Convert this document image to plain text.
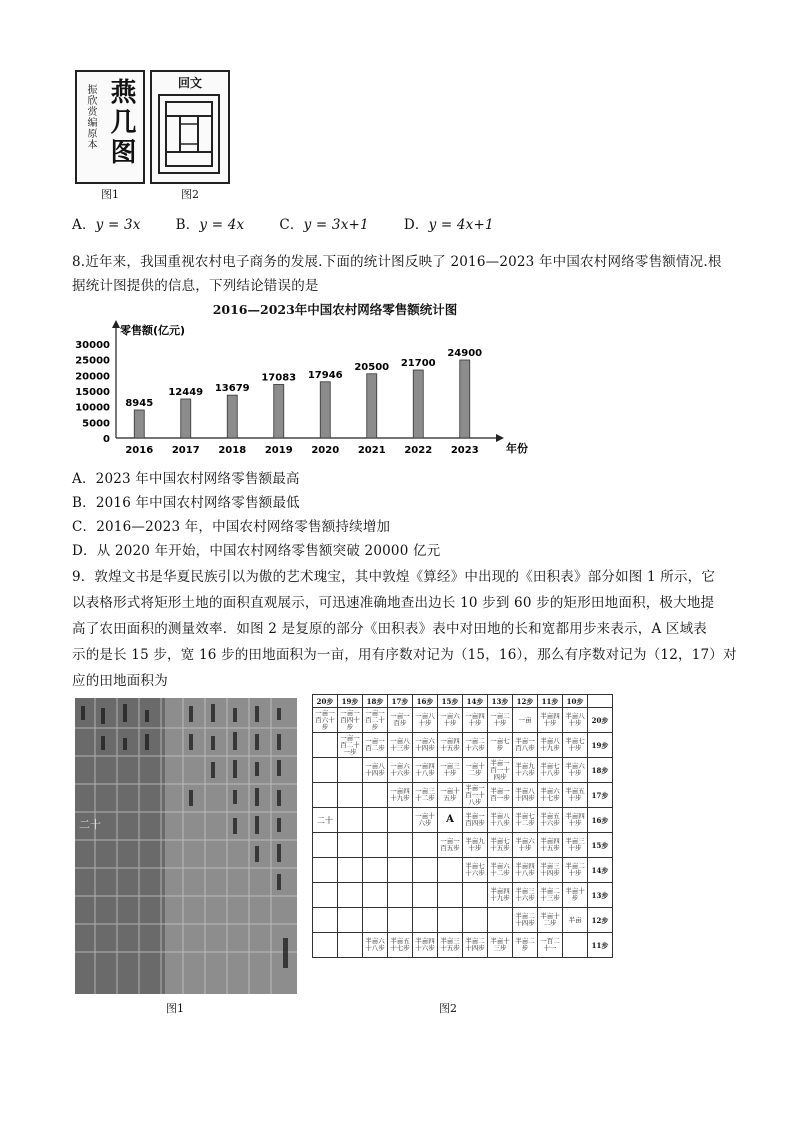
振欣赏编原本 燕几图
图1
回文
图2
A．y = 3x	B．y = 4x	C．y = 3x+1	D．y = 4x+1
8.近年来，我国重视农村电子商务的发展.下面的统计图反映了 2016—2023 年中国农村网络零售额情况.根
据统计图提供的信息，下列结论错误的是
2016—2023年中国农村网络零售额统计图
零售额(亿元)
年份
0
5000
10000
15000
20000
25000
30000
8945
2016
12449
2017
13679
2018
17083
2019
17946
2020
20500
2021
21700
2022
24900
2023
A．2023 年中国农村网络零售额最高
B．2016 年中国农村网络零售额最低
C．2016—2023 年，中国农村网络零售额持续增加
D．从 2020 年开始，中国农村网络零售额突破 20000 亿元
9．敦煌文书是华夏民族引以为傲的艺术瑰宝，其中敦煌《算经》中出现的《田积表》部分如图 1 所示，它
以表格形式将矩形土地的面积直观展示，可迅速准确地查出边长 10 步到 60 步的矩形田地面积，极大地提
高了农田面积的测量效率．如图 2 是复原的部分《田积表》表中对田地的长和宽都用步来表示，A 区域表
示的是长 15 步，宽 16 步的田地面积为一亩，用有序数对记为（15，16），那么有序数对记为（12，17）对
应的田地面积为
二十
图1
20步	19步	18步	17步	16步	15步	14步	13步	12步	11步	10步	
一亩一百六十步	一亩一百四十步	一亩一百二十步	一亩一百步	一亩八十步	一亩六十步	一亩四十步	一亩二十步	一亩	半亩四十步	半亩八十步	20步
	一亩一百二十一步	一亩一百二步	一亩八十三步	一亩六十四步	一亩四十五步	一亩二十六步	一亩七步	半亩一百八步	半亩八十九步	半亩七十步	19步
		一亩八十四步	一亩六十六步	一亩四十八步	一亩三十步	一亩十二步	半亩一百一十四步	半亩九十六步	半亩七十八步	半亩六十步	18步
			一亩四十九步	一亩三十二步	一亩十五步	半亩一百一十八步	半亩一百一步	半亩八十四步	半亩六十七步	半亩五十步	17步
二十				一亩十六步	A	半亩一百四步	半亩八十八步	半亩七十二步	半亩五十六步	半亩四十步	16步
					一亩一百五步	半亩九十步	半亩七十五步	半亩六十步	半亩四十五步	半亩三十步	15步
						半亩七十六步	半亩六十二步	半亩四十八步	半亩三十四步	半亩二十步	14步
							半亩四十九步	半亩三十六步	半亩二十三步	半亩十步	13步
								半亩二十四步	半亩十二步	半亩	12步
		半亩六十八步	半亩五十七步	半亩四十六步	半亩三十五步	半亩二十四步	半亩十三步	半亩二步	一百二十一		11步
图2
